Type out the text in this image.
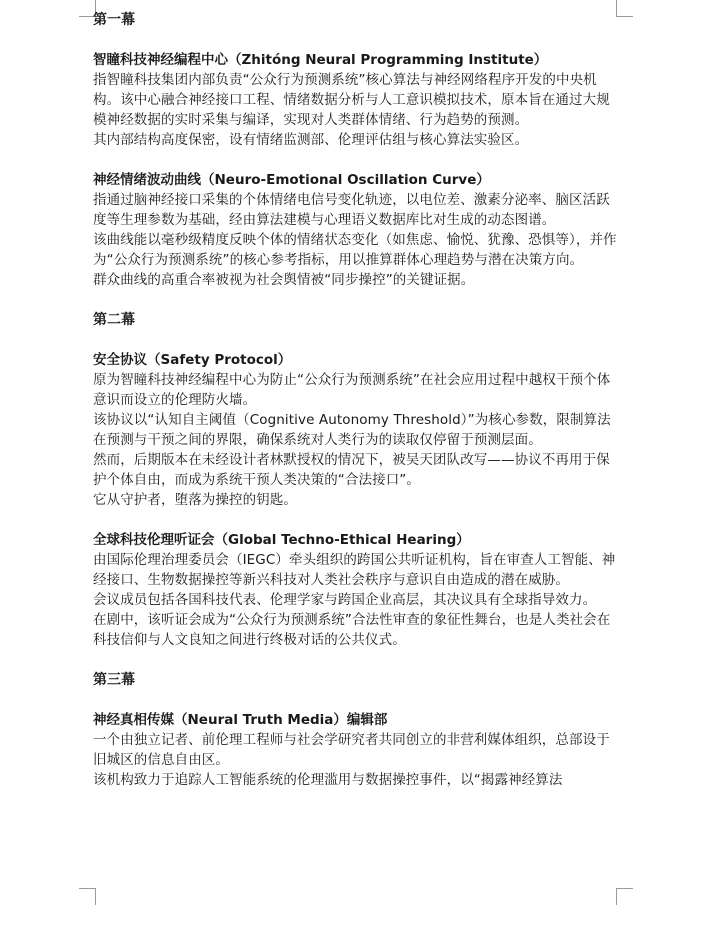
第一幕
智瞳科技神经编程中心（Zhitóng Neural Programming Institute）

指智瞳科技集团内部负责“公众行为预测系统”核心算法与神经网络程序开发的中央机构。该中心融合神经接口工程、情绪数据分析与人工意识模拟技术，原本旨在通过大规模神经数据的实时采集与编译，实现对人类群体情绪、行为趋势的预测。

其内部结构高度保密，设有情绪监测部、伦理评估组与核心算法实验区。

神经情绪波动曲线（Neuro-Emotional Oscillation Curve）

指通过脑神经接口采集的个体情绪电信号变化轨迹，以电位差、激素分泌率、脑区活跃度等生理参数为基础，经由算法建模与心理语义数据库比对生成的动态图谱。

该曲线能以毫秒级精度反映个体的情绪状态变化（如焦虑、愉悦、犹豫、恐惧等），并作为“公众行为预测系统”的核心参考指标，用以推算群体心理趋势与潜在决策方向。

群众曲线的高重合率被视为社会舆情被“同步操控”的关键证据。

第二幕
安全协议（Safety Protocol）

原为智瞳科技神经编程中心为防止“公众行为预测系统”在社会应用过程中越权干预个体意识而设立的伦理防火墙。

该协议以“认知自主阈值（Cognitive Autonomy Threshold）”为核心参数，限制算法在预测与干预之间的界限，确保系统对人类行为的读取仅停留于预测层面。

然而，后期版本在未经设计者林默授权的情况下，被吴天团队改写——协议不再用于保护个体自由，而成为系统干预人类决策的“合法接口”。

它从守护者，堕落为操控的钥匙。

全球科技伦理听证会（Global Techno-Ethical Hearing）

由国际伦理治理委员会（IEGC）牵头组织的跨国公共听证机构，旨在审查人工智能、神经接口、生物数据操控等新兴科技对人类社会秩序与意识自由造成的潜在威胁。

会议成员包括各国科技代表、伦理学家与跨国企业高层，其决议具有全球指导效力。

在剧中，该听证会成为“公众行为预测系统”合法性审查的象征性舞台，也是人类社会在科技信仰与人文良知之间进行终极对话的公共仪式。

第三幕
神经真相传媒（Neural Truth Media）编辑部

一个由独立记者、前伦理工程师与社会学研究者共同创立的非营利媒体组织，总部设于旧城区的信息自由区。

该机构致力于追踪人工智能系统的伦理滥用与数据操控事件，以“揭露神经算法
